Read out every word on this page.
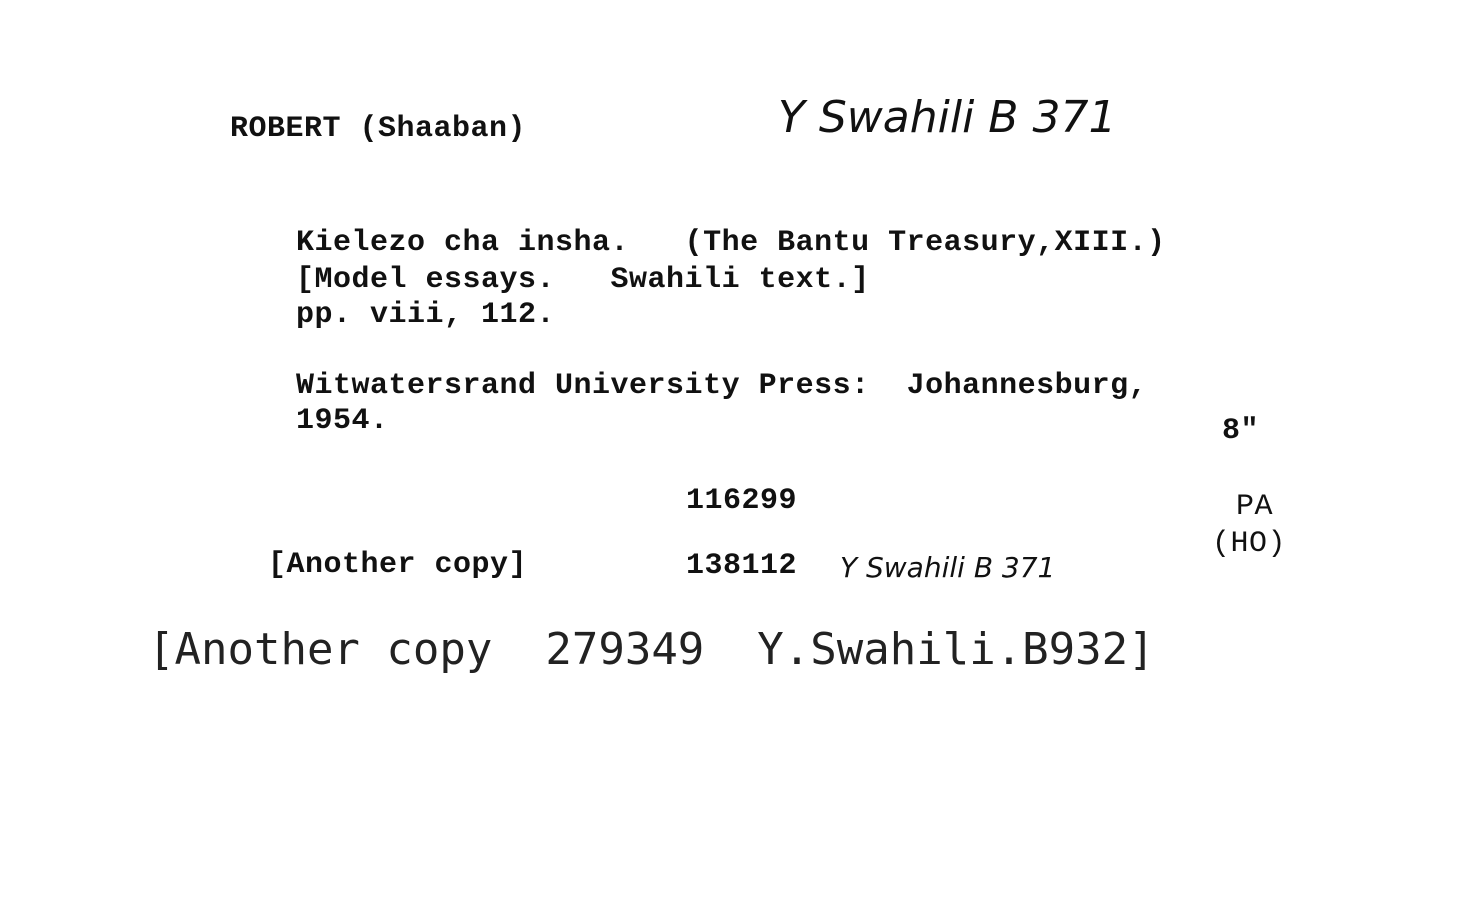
ROBERT (Shaaban)	Y Swahili B 371
Kielezo cha insha.   (The Bantu Treasury,XIII.)
[Model essays.   Swahili text.]
pp. viii, 112.
Witwatersrand University Press:  Johannesburg,
1954.	8"
116299	PA
(HO)
[Another copy]	138112 Y Swahili B 371
[Another copy  279349  Y.Swahili.B932]
